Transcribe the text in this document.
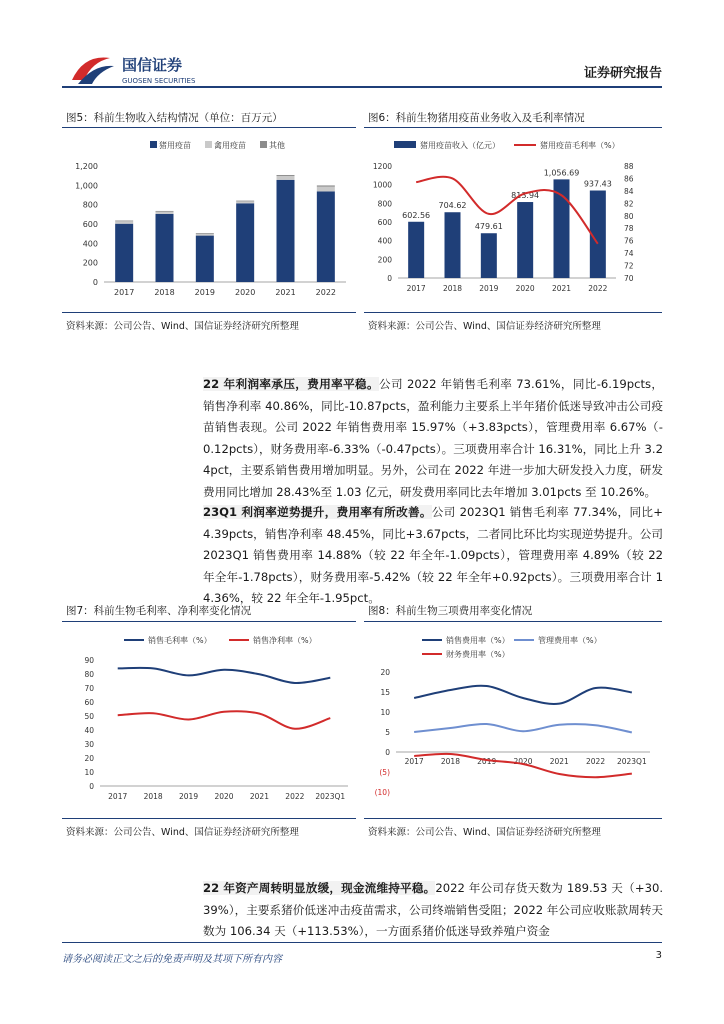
国信证券
GUOSEN SECURITIES	证券研究报告
图5：科前生物收入结构情况（单位：百万元）
猪用疫苗	禽用疫苗	其他
0
200
400
600
800
1,000
1,200
2017 2018 2019 2020 2021 2022
资料来源：公司公告、Wind、国信证券经济研究所整理
图6：科前生物猪用疫苗业务收入及毛利率情况
猪用疫苗收入（亿元）	猪用疫苗毛利率（%）
0
200
400
600
800
1000
1200
70
72
74
76
78
80
82
84
86
88
602.56
2017
704.62
2018
479.61
2019
813.94
2020
1,056.69
2021
937.43
2022
资料来源：公司公告、Wind、国信证券经济研究所整理
22 年利润率承压，费用率平稳。公司 2022 年销售毛利率 73.61%，同比-6.19pcts，销售净利率 40.86%，同比-10.87pcts，盈利能力主要系上半年猪价低迷导致冲击公司疫苗销售表现。公司 2022 年销售费用率 15.97%（+3.83pcts），管理费用率 6.67%（-0.12pcts），财务费用率-6.33%（-0.47pcts）。三项费用率合计 16.31%，同比上升 3.24pct，主要系销售费用增加明显。另外，公司在 2022 年进一步加大研发投入力度，研发费用同比增加 28.43%至 1.03 亿元，研发费用率同比去年增加 3.01pcts 至 10.26%。
23Q1 利润率逆势提升，费用率有所改善。公司 2023Q1 销售毛利率 77.34%，同比+4.39pcts，销售净利率 48.45%，同比+3.67pcts，二者同比环比均实现逆势提升。公司 2023Q1 销售费用率 14.88%（较 22 年全年-1.09pcts），管理费用率 4.89%（较 22 年全年-1.78pcts），财务费用率-5.42%（较 22 年全年+0.92pcts）。三项费用率合计 14.36%，较 22 年全年-1.95pct。
图7：科前生物毛利率、净利率变化情况
销售毛利率（%）	销售净利率（%）
0
10
20
30
40
50
60
70
80
90
2017 2018 2019 2020 2021 2022 2023Q1
资料来源：公司公告、Wind、国信证券经济研究所整理
图8：科前生物三项费用率变化情况
销售费用率（%）	管理费用率（%）
财务费用率（%）
(10)
(5)
0
5
10
15
20
2017 2018 2019 2020 2021 2022 2023Q1
资料来源：公司公告、Wind、国信证券经济研究所整理
22 年资产周转明显放缓，现金流维持平稳。2022 年公司存货天数为 189.53 天（+30.39%），主要系猪价低迷冲击疫苗需求，公司终端销售受阻；2022 年公司应收账款周转天数为 106.34 天（+113.53%），一方面系猪价低迷导致养殖户资金
请务必阅读正文之后的免责声明及其项下所有内容	3
